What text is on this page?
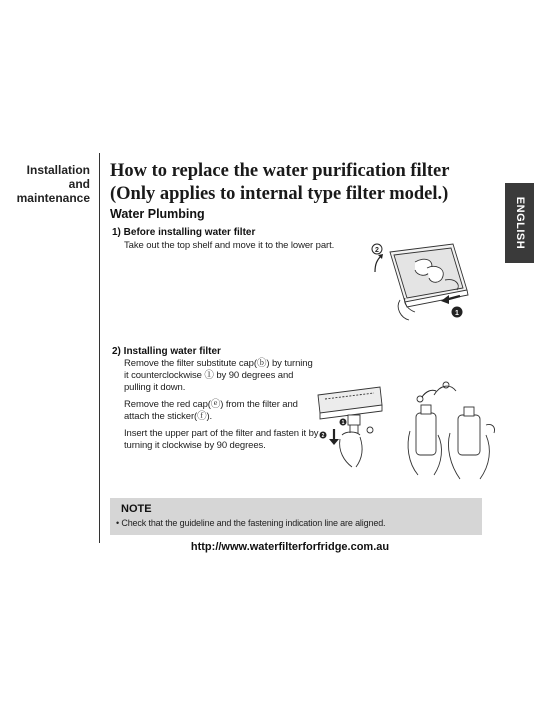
Installation and
maintenance
How to replace the water purification filter
(Only applies to internal type filter model.)
ENGLISH
Water Plumbing
1) Before installing water filter
Take out the top shelf and move it to the lower part.
2) Installing water filter
Remove the filter substitute cap(ⓑ) by turning it counterclockwise ① by 90 degrees and pulling it down.
Remove the red cap(ⓔ) from the filter and attach the sticker(ⓕ).
Insert the upper part of the filter and fasten it by turning it clockwise by 90 degrees.
2
1
1
2
NOTE
• Check that the guideline and the fastening indication line are aligned.
http://www.waterfilterforfridge.com.au
